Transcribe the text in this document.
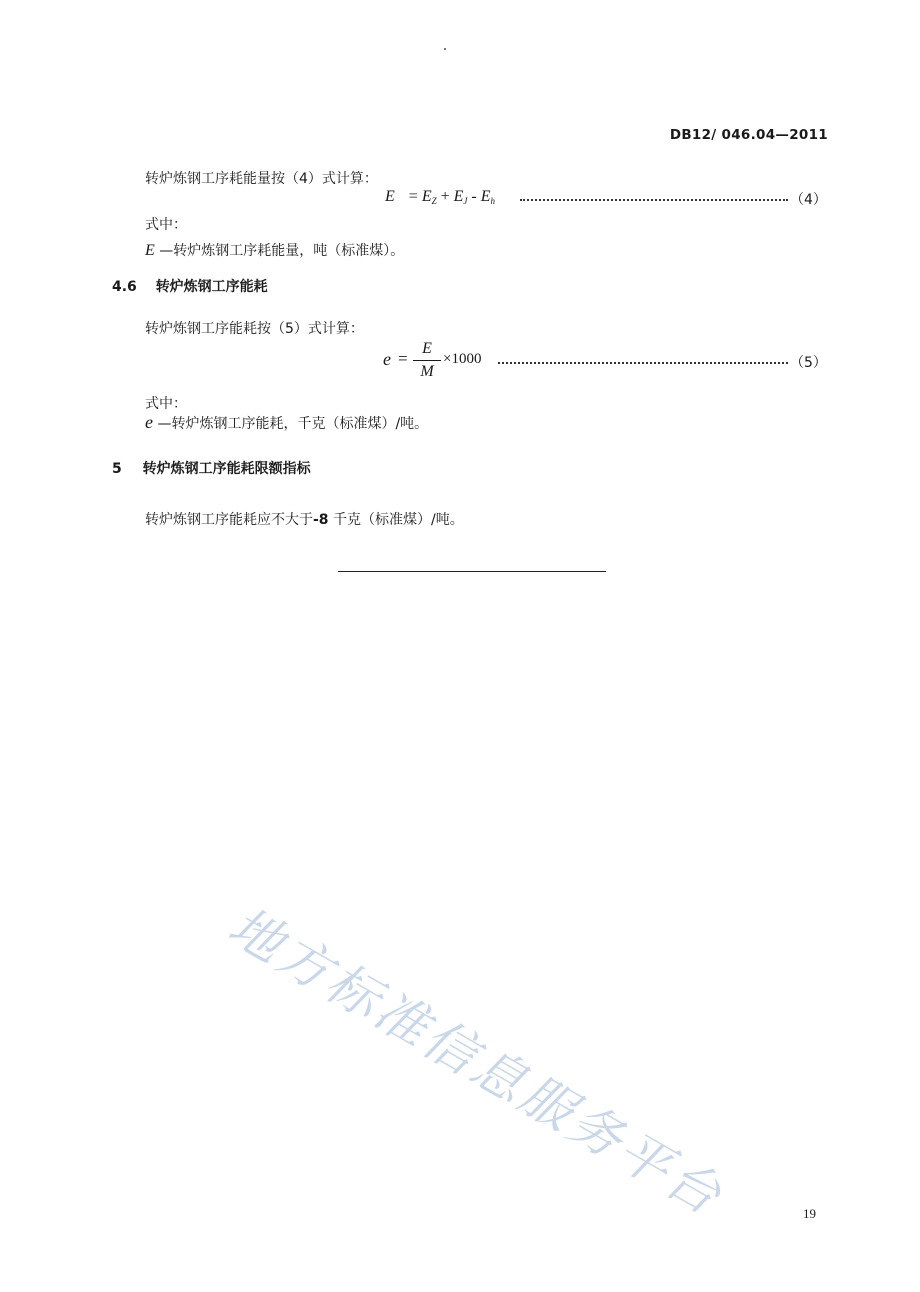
DB12/ 046.04—2011
转炉炼钢工序耗能量按（4）式计算：
$E = E_Z + E_J - E_h$	（4）
式中：
E —转炉炼钢工序耗能量，吨（标准煤）。
4.6 转炉炼钢工序能耗
转炉炼钢工序能耗按（5）式计算：
e =
E
M
×1000	（5）
式中：
e —转炉炼钢工序能耗，千克（标准煤）/吨。
5 转炉炼钢工序能耗限额指标
转炉炼钢工序能耗应不大于-8 千克（标准煤）/吨。
地方标准信息服务平台	19
